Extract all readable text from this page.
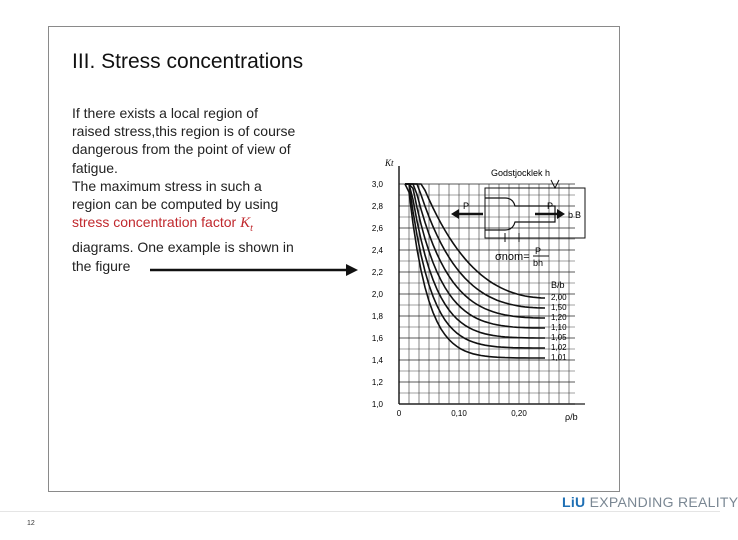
III. Stress concentrations

If there exists a local region of

raised stress,this region is of course

dangerous from the point of view of

fatigue.

The maximum stress in such a

region can be computed by using

stress concentration factor $K_t$

diagrams. One example is shown in

the figure

3,0
2,8
2,6
2,4
2,2
2,0
1,8
1,6
1,4
1,2
1,0
Kt
0	0,10	0,20	ρ/b
B/b
2,00
1,50
1,20
1,10
1,05
1,02
1,01
Godstjocklek h
P	P
b B
σnom= P
bh
12
LiU EXPANDING REALITY
